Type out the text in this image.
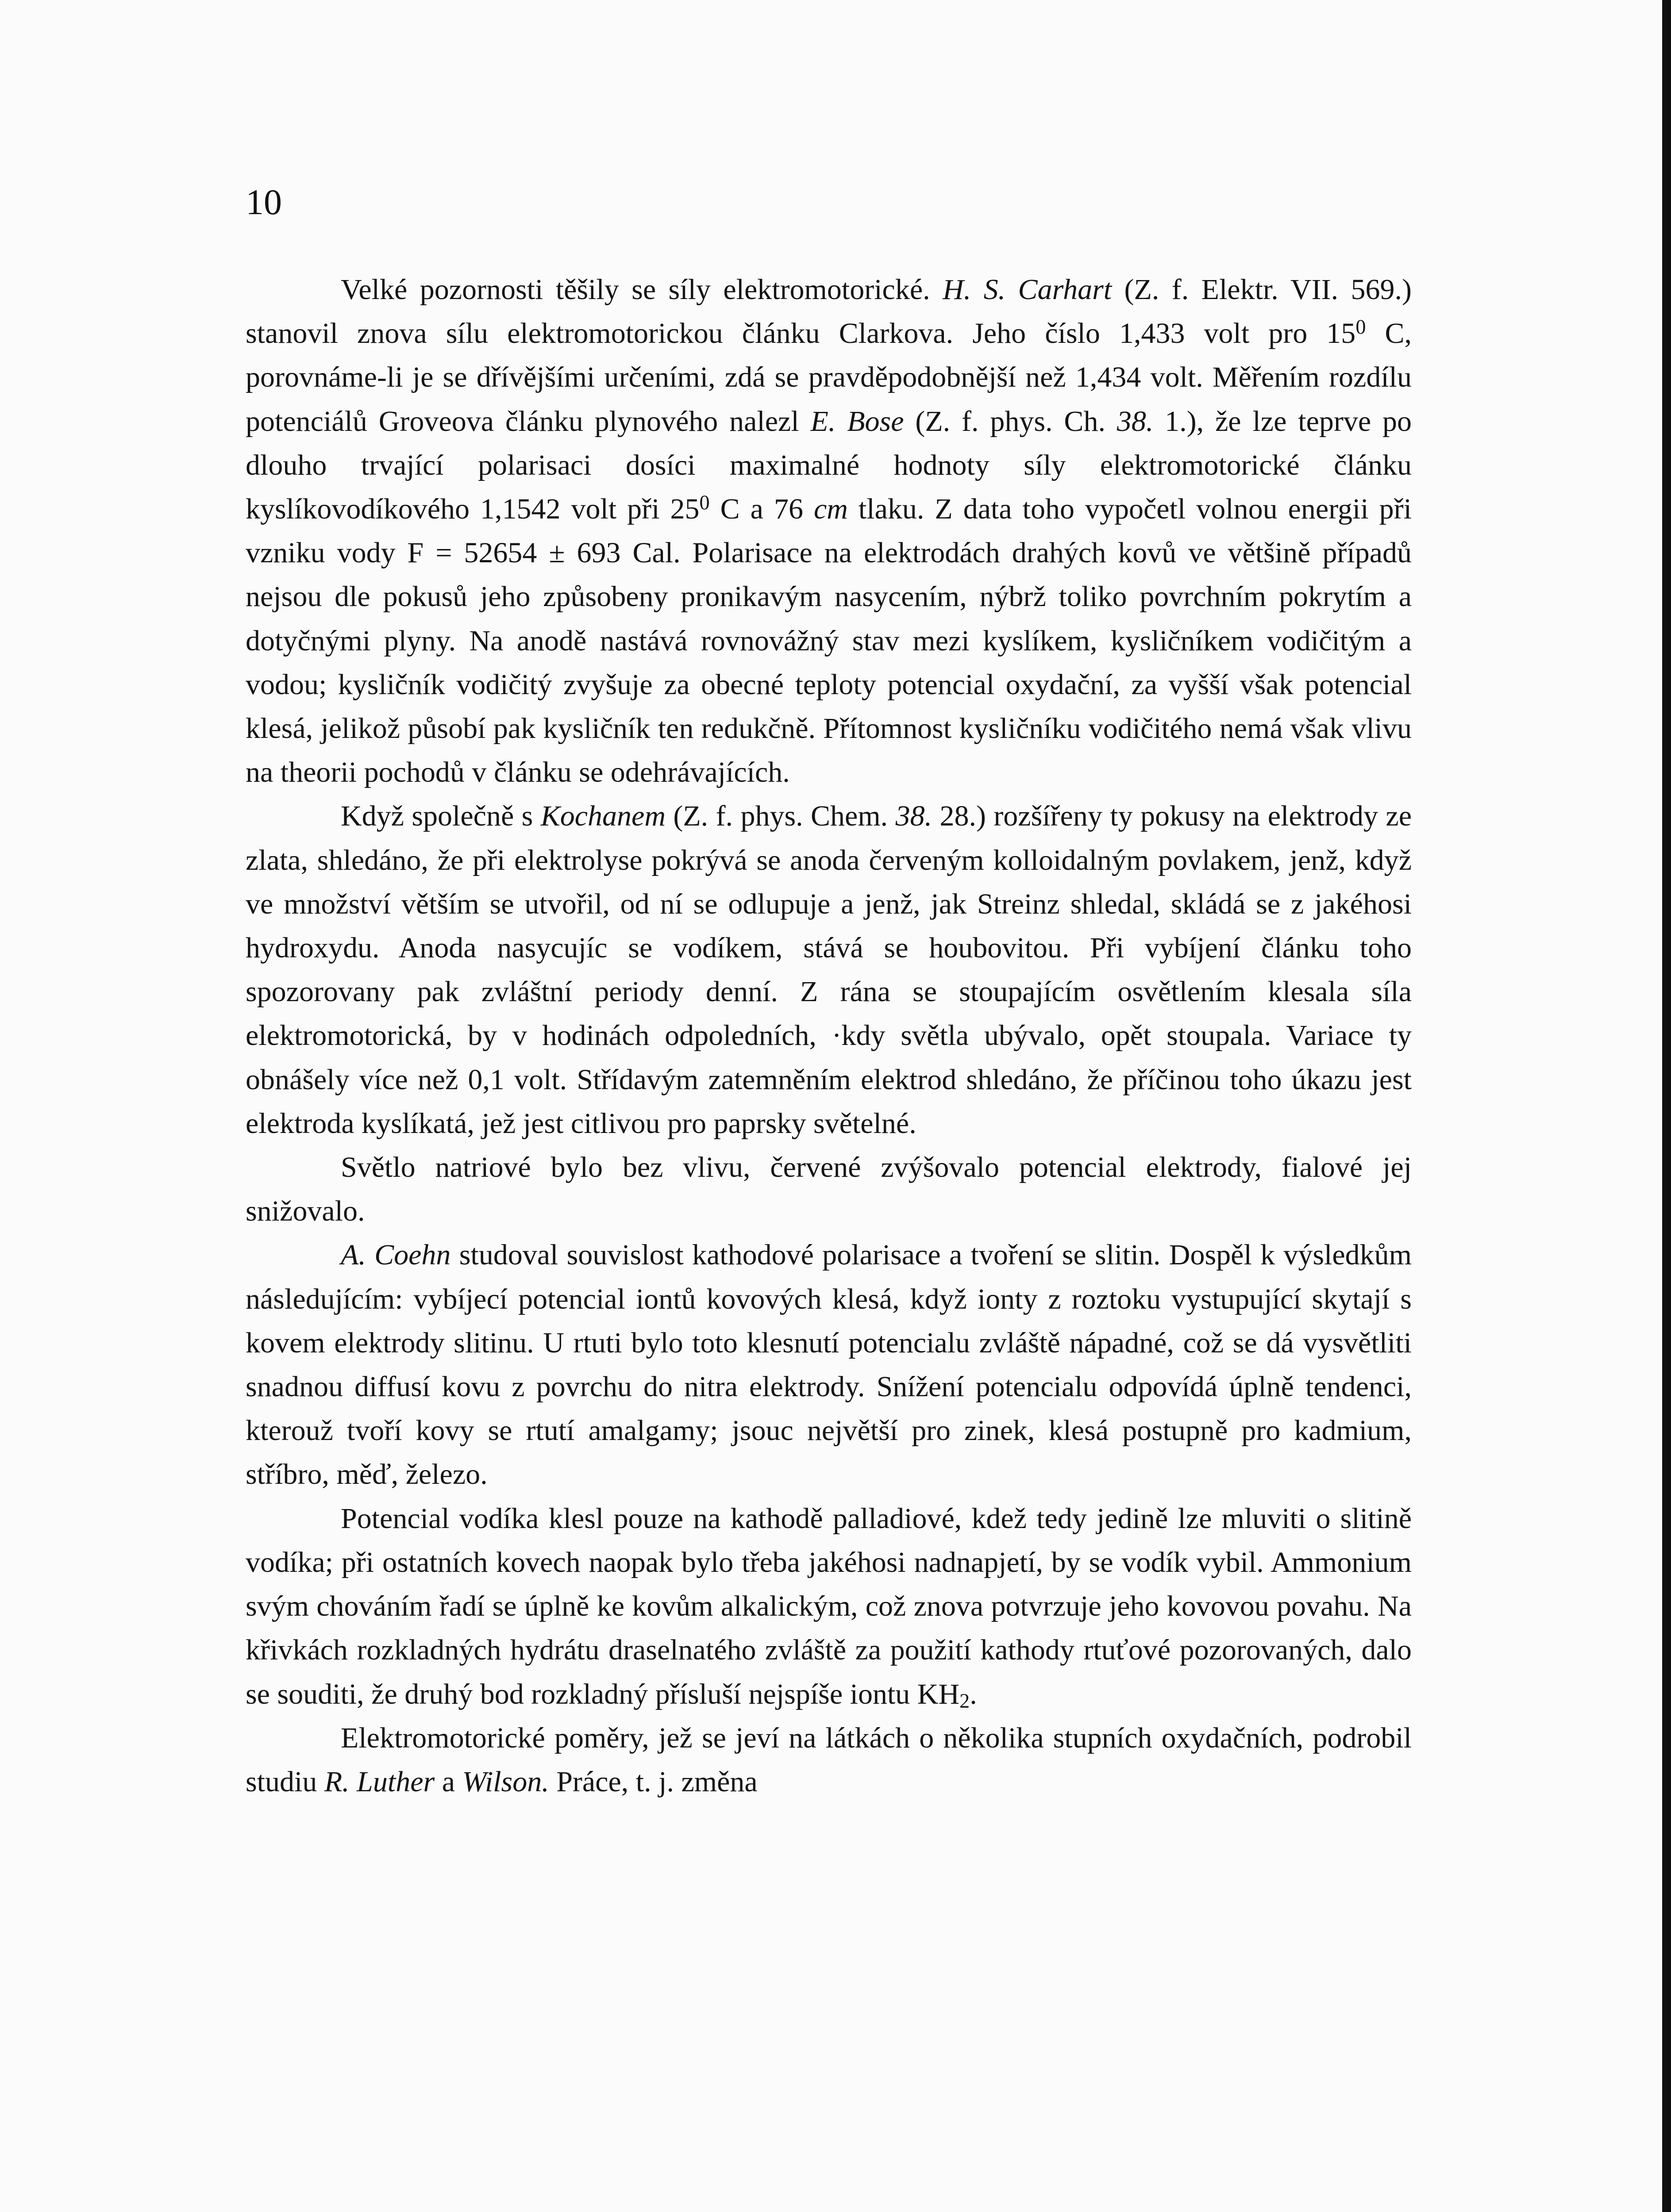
10

Velké pozornosti těšily se síly elektromotorické. H. S. Carhart (Z. f. Elektr. VII. 569.) stanovil znova sílu elektromotorickou článku Clarkova. Jeho číslo 1,433 volt pro $15^0$ C, porovnáme-li je se dřívějšími určeními, zdá se pravděpodobnější než 1,434 volt. Měřením rozdílu potenciálů Groveova článku plynového nalezl E. Bose (Z. f. phys. Ch. 38. 1.), že lze teprve po dlouho trvající polarisaci dosíci maximalné hodnoty síly elektromotorické článku kyslíkovodíkového 1,1542 volt při $25^0$ C a 76 cm tlaku. Z data toho vypočetl volnou energii při vzniku vody F = 52654 ± 693 Cal. Polarisace na elektrodách drahých kovů ve většině případů nejsou dle pokusů jeho způsobeny pronikavým nasycením, nýbrž toliko povrchním pokrytím a dotyčnými plyny. Na anodě nastává rovnovážný stav mezi kyslíkem, kysličníkem vodičitým a vodou; kysličník vodičitý zvyšuje za obecné teploty potencial oxydační, za vyšší však potencial klesá, jelikož působí pak kysličník ten redukčně. Přítomnost kysličníku vodičitého nemá však vlivu na theorii pochodů v článku se odehrávajících.

Když společně s Kochanem (Z. f. phys. Chem. 38. 28.) rozšířeny ty pokusy na elektrody ze zlata, shledáno, že při elektrolyse pokrývá se anoda červeným kolloidalným povlakem, jenž, když ve množství větším se utvořil, od ní se odlupuje a jenž, jak Streinz shledal, skládá se z jakéhosi hydroxydu. Anoda nasycujíc se vodíkem, stává se houbovitou. Při vybíjení článku toho spozorovany pak zvláštní periody denní. Z rána se stoupajícím osvětlením klesala síla elektromotorická, by v hodinách odpoledních, ·kdy světla ubývalo, opět stoupala. Variace ty obnášely více než 0,1 volt. Střídavým zatemněním elektrod shledáno, že příčinou toho úkazu jest elektroda kyslíkatá, jež jest citlivou pro paprsky světelné.

Světlo natriové bylo bez vlivu, červené zvýšovalo potencial elektrody, fialové jej snižovalo.

A. Coehn studoval souvislost kathodové polarisace a tvoření se slitin. Dospěl k výsledkům následujícím: vybíjecí potencial iontů kovových klesá, když ionty z roztoku vystupující skytají s kovem elektrody slitinu. U rtuti bylo toto klesnutí potencialu zvláště nápadné, což se dá vysvětliti snadnou diffusí kovu z povrchu do nitra elektrody. Snížení potencialu odpovídá úplně tendenci, kterouž tvoří kovy se rtutí amalgamy; jsouc největší pro zinek, klesá postupně pro kadmium, stříbro, měď, železo.

Potencial vodíka klesl pouze na kathodě palladiové, kdež tedy jedině lze mluviti o slitině vodíka; při ostatních kovech naopak bylo třeba jakéhosi nadnapjetí, by se vodík vybil. Ammonium svým chováním řadí se úplně ke kovům alkalickým, což znova potvrzuje jeho kovovou povahu. Na křivkách rozkladných hydrátu draselnatého zvláště za použití kathody rtuťové pozorovaných, dalo se souditi, že druhý bod rozkladný přísluší nejspíše iontu $KH_2$.

Elektromotorické poměry, jež se jeví na látkách o několika stupních oxydačních, podrobil studiu R. Luther a Wilson. Práce, t. j. změna
